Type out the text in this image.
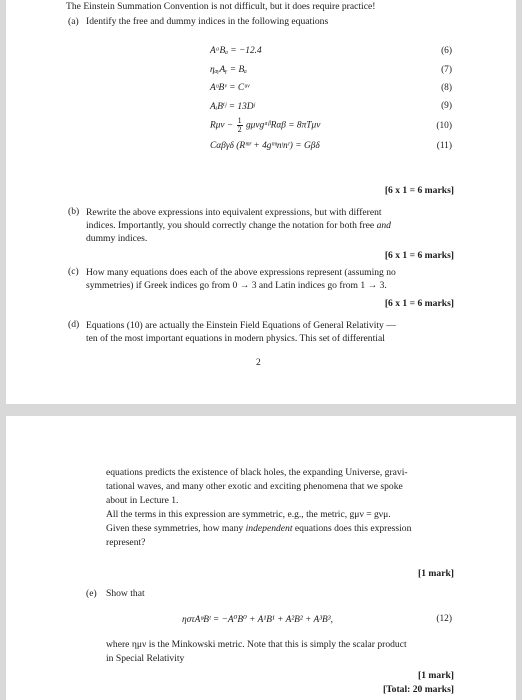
The Einstein Summation Convention is not difficult, but it does require practice!
(a) Identify the free and dummy indices in the following equations
AᵃBₐ = −12.4	(6)
ηₐᵧAᵧ = Bₐ	(7)
AᵘBᵛ = Cᵘᵛ	(8)
AᵢBⁱʲ = 13Dʲ	(9)
$R\mu\nu - \frac{1}{2}$ gμνgᵅᵝRαβ = 8πTμν	(10)
Cαβγδ (Rᵐʳ + 4gᵐᵎnᵎnʳ) = Gβδ	(11)
[6 x 1 = 6 marks]
(b) Rewrite the above expressions into equivalent expressions, but with different
indices. Importantly, you should correctly change the notation for both free and
dummy indices.
[6 x 1 = 6 marks]
(c) How many equations does each of the above expressions represent (assuming no
symmetries) if Greek indices go from 0 → 3 and Latin indices go from 1 → 3.
[6 x 1 = 6 marks]
(d) Equations (10) are actually the Einstein Field Equations of General Relativity —
ten of the most important equations in modern physics. This set of differential
2
equations predicts the existence of black holes, the expanding Universe, gravi-
tational waves, and many other exotic and exciting phenomena that we spoke
about in Lecture 1.
All the terms in this expression are symmetric, e.g., the metric, gμν = gνμ.
Given these symmetries, how many independent equations does this expression
represent?
[1 mark]
(e) Show that
ηστAᵠBᵗ = −A⁰B⁰ + A¹B¹ + A²B² + A³B³,	(12)
where ημν is the Minkowski metric. Note that this is simply the scalar product
in Special Relativity
[1 mark]
[Total: 20 marks]
